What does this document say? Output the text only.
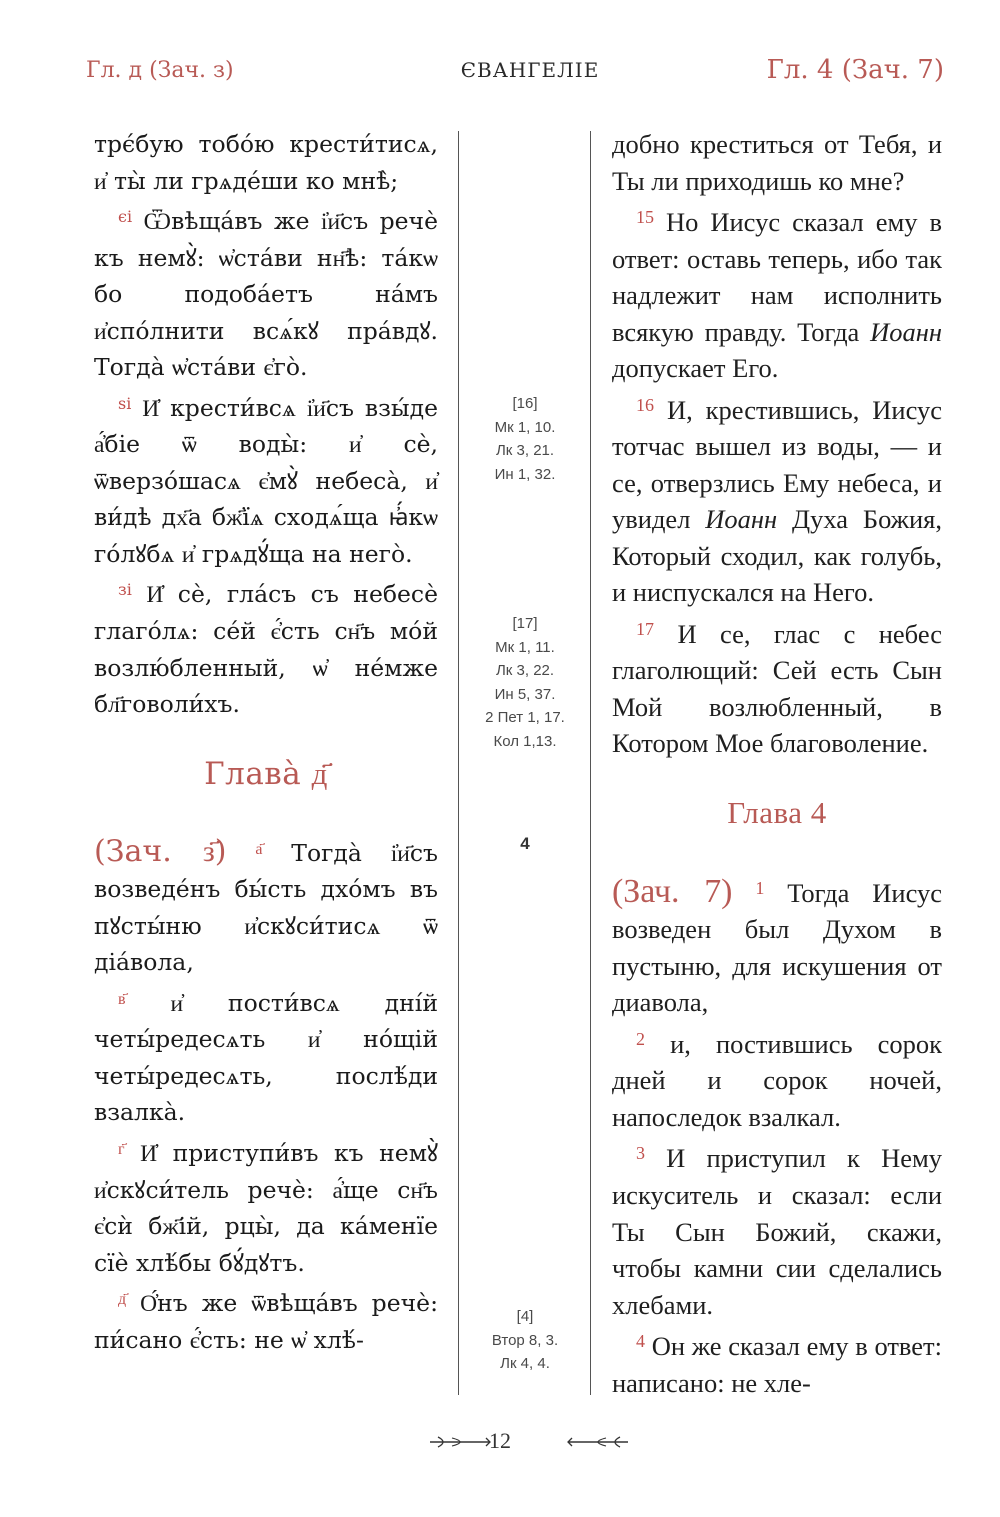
Гл. д (Зач. з)	ЄВАНГЕЛІЕ	Гл. 4 (Зач. 7)

трє́бую тобо́ю крести́тисѧ, и҆ ты̀ ли грѧде́ши ко мнѣ̀;

$^{єі}$ Ѿвѣща́въ же і҆и҃съ речѐ къ немꙋ̀: ѡ҆ста́ви нн҃ѣ: та́кѡ бо подоба́етъ на́мъ и҆спо́лнити всѧ́кꙋ пра́вдꙋ. Тогда̀ ѡ҆ста́ви є҆го̀.

$^{ѕі}$ И҆ крести́всѧ і҆и҃съ взы́де а҆́біе ѿ воды̀: и҆ сѐ, ѿверзо́шасѧ є҆мꙋ̀ небеса̀, и҆ ви́дѣ дх҃а бж҃їѧ сходѧ́ща ꙗ҆́кѡ го́лꙋбѧ и҆ грѧдꙋ́ща на него̀.

$^{зі}$ И҆ сѐ, гла́съ съ небесѐ глаго́лѧ: се́й є҆́сть сн҃ъ мо́й возлю́бленный, ѡ҆ не́мже бл҃говоли́хъ.

Глава̀ д҃

(Зач. з҃) $^{а҃}$ Тогда̀ і҆и҃съ возведе́нъ бы́сть дхо́мъ въ пꙋсты́ню и҆скꙋси́тисѧ ѿ діа́вола,

$^{в҃}$ и҆ пости́всѧ дні́й четы́редесѧть и҆ но́щій четы́редесѧть, послѣ́ди взалка̀.

$^{г҃}$ И҆ приступи́въ къ немꙋ̀ и҆скꙋси́тель речѐ: а҆́ще сн҃ъ є҆сѝ бж҃ій, рцы̀, да ка́менїе сїѐ хлѣ́бы бꙋ́дꙋтъ.

$^{д҃}$ О҆́нъ же ѿвѣща́въ речѐ: пи́сано є҆́сть: не ѡ҆ хлѣ́-

[16]
Мк 1, 10.
Лк 3, 21.
Ин 1, 32.
[17]
Мк 1, 11.
Лк 3, 22.
Ин 5, 37.
2 Пет 1, 17.
Кол 1,13.
4
[4]
Втор 8, 3.
Лк 4, 4.

добно креститься от Тебя, и Ты ли приходишь ко мне?

$^{15}$ Но Иисус сказал ему в ответ: оставь теперь, ибо так надлежит нам исполнить всякую правду. Тогда Иоанн допускает Его.

$^{16}$ И, крестившись, Иисус тотчас вышел из воды, — и се, отверзлись Ему небеса, и увидел Иоанн Духа Божия, Который сходил, как голубь, и ниспускался на Него.

$^{17}$ И се, глас с небес глаголющий: Сей есть Сын Мой возлюбленный, в Котором Мое благоволение.

Глава 4

(Зач. 7) $^1$ Тогда Иисус возведен был Духом в пустыню, для искушения от диавола,

$^2$ и, постившись сорок дней и сорок ночей, напоследок взалкал.

$^3$ И приступил к Нему искуситель и сказал: если Ты Сын Божий, скажи, чтобы камни сии сделались хлебами.

$^4$ Он же сказал ему в ответ: написано: не хле-

12
